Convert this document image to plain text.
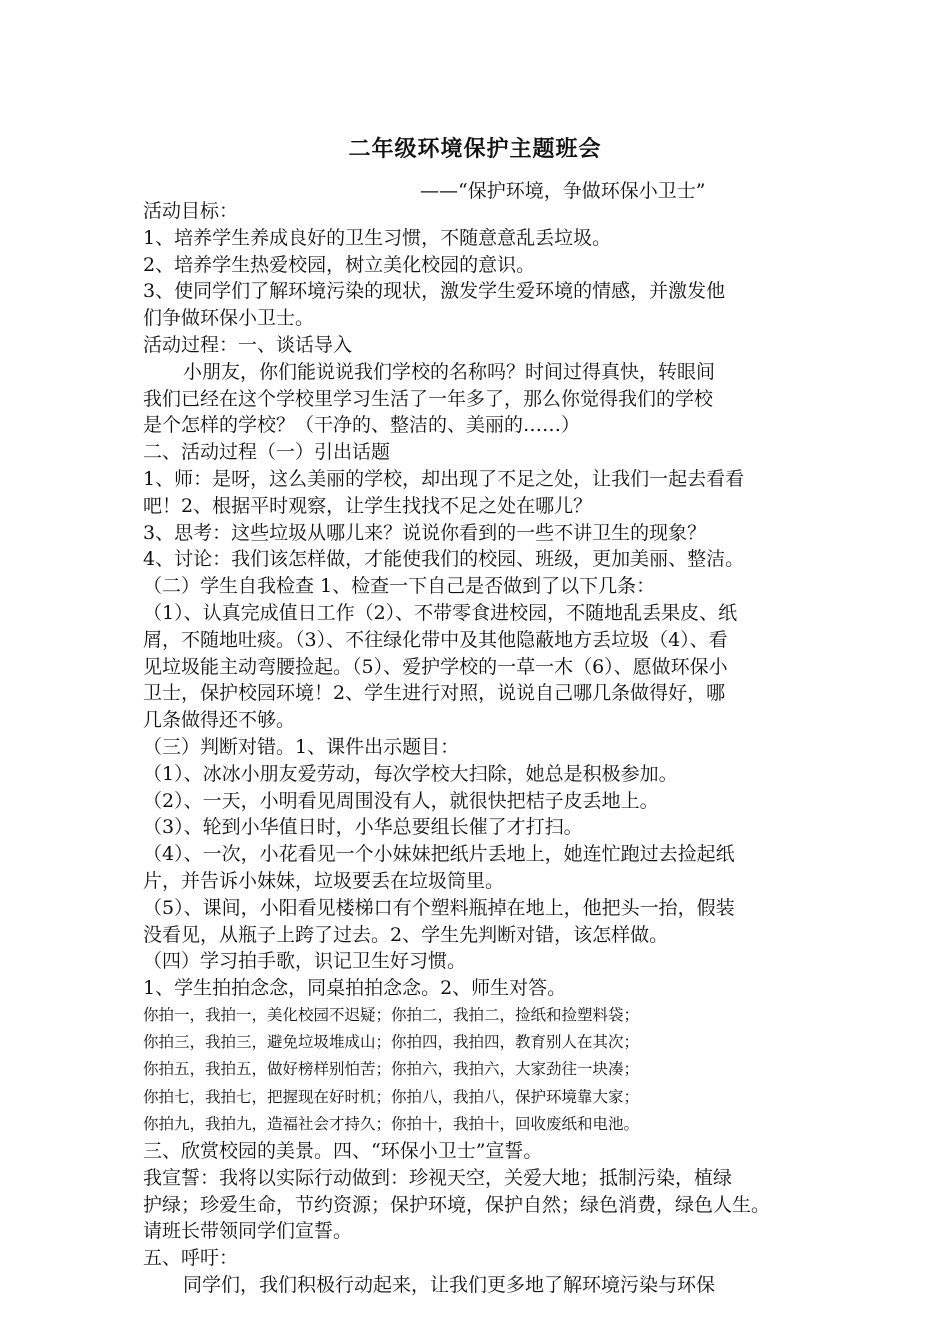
二年级环境保护主题班会
——“保护环境，争做环保小卫士”
活动目标：
1、培养学生养成良好的卫生习惯，不随意意乱丢垃圾。
2、培养学生热爱校园，树立美化校园的意识。
3、使同学们了解环境污染的现状，激发学生爱环境的情感，并激发他
们争做环保小卫士。
活动过程：一、谈话导入
小朋友，你们能说说我们学校的名称吗？时间过得真快，转眼间
我们已经在这个学校里学习生活了一年多了，那么你觉得我们的学校
是个怎样的学校？（干净的、整洁的、美丽的……）
二、活动过程（一）引出话题
1、师：是呀，这么美丽的学校，却出现了不足之处，让我们一起去看看
吧！2、根据平时观察，让学生找找不足之处在哪儿？
3、思考：这些垃圾从哪儿来？说说你看到的一些不讲卫生的现象？
4、讨论：我们该怎样做，才能使我们的校园、班级，更加美丽、整洁。
（二）学生自我检查 1、检查一下自己是否做到了以下几条：
（1）、认真完成值日工作（2）、不带零食进校园，不随地乱丢果皮、纸
屑，不随地吐痰。（3）、不往绿化带中及其他隐蔽地方丢垃圾（4）、看
见垃圾能主动弯腰捡起。（5）、爱护学校的一草一木（6）、愿做环保小
卫士，保护校园环境！2、学生进行对照，说说自己哪几条做得好，哪
几条做得还不够。
（三）判断对错。1、课件出示题目：
（1）、冰冰小朋友爱劳动，每次学校大扫除，她总是积极参加。
（2）、一天，小明看见周围没有人，就很快把桔子皮丢地上。
（3）、轮到小华值日时，小华总要组长催了才打扫。
（4）、一次，小花看见一个小妹妹把纸片丢地上，她连忙跑过去捡起纸
片，并告诉小妹妹，垃圾要丢在垃圾筒里。
（5）、课间，小阳看见楼梯口有个塑料瓶掉在地上，他把头一抬，假装
没看见，从瓶子上跨了过去。2、学生先判断对错，该怎样做。
（四）学习拍手歌，识记卫生好习惯。
1、学生拍拍念念，同桌拍拍念念。2、师生对答。
你拍一，我拍一，美化校园不迟疑；你拍二，我拍二，捡纸和捡塑料袋；
你拍三，我拍三，避免垃圾堆成山；你拍四，我拍四，教育别人在其次；
你拍五，我拍五，做好榜样别怕苦；你拍六，我拍六，大家劲往一块凑；
你拍七，我拍七，把握现在好时机；你拍八，我拍八，保护环境靠大家；
你拍九，我拍九，造福社会才持久；你拍十，我拍十，回收废纸和电池。
三、欣赏校园的美景。四、“环保小卫士”宣誓。
我宣誓：我将以实际行动做到：珍视天空，关爱大地；抵制污染，植绿
护绿；珍爱生命，节约资源；保护环境，保护自然；绿色消费，绿色人生。
请班长带领同学们宣誓。
五、呼吁：
同学们，我们积极行动起来，让我们更多地了解环境污染与环保
